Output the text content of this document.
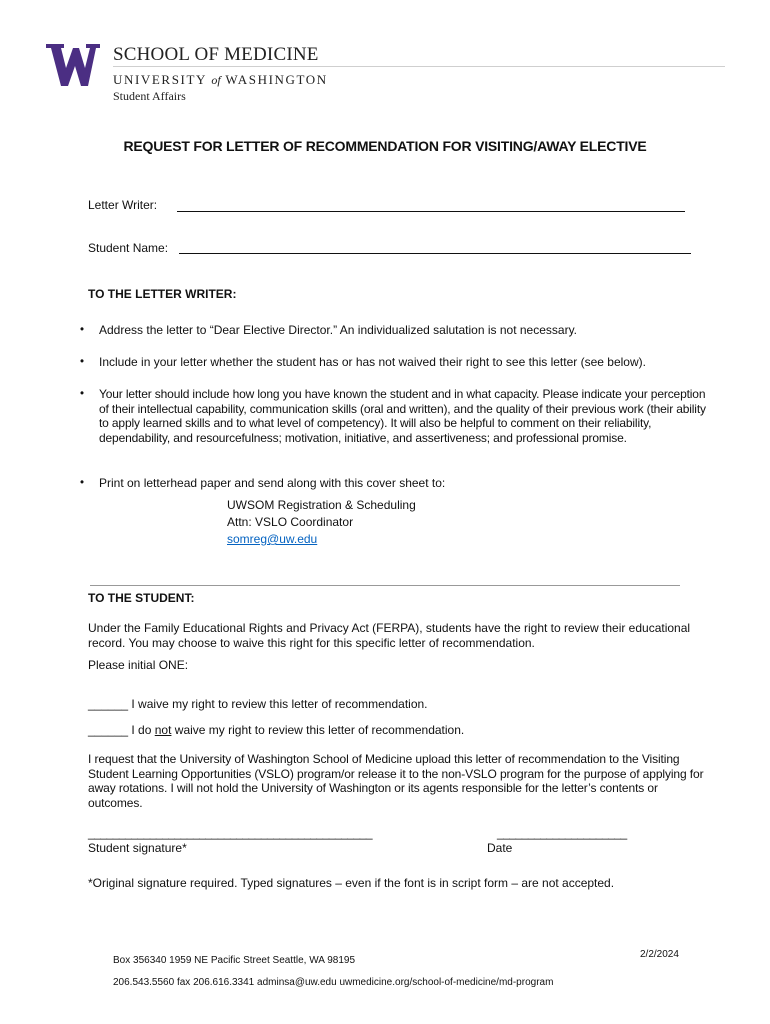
SCHOOL OF MEDICINE
UNIVERSITY of WASHINGTON
Student Affairs
REQUEST FOR LETTER OF RECOMMENDATION FOR VISITING/AWAY ELECTIVE
Letter Writer:
Student Name:
TO THE LETTER WRITER:
• Address the letter to “Dear Elective Director.” An individualized salutation is not necessary.
• Include in your letter whether the student has or has not waived their right to see this letter (see below).
• Your letter should include how long you have known the student and in what capacity. Please indicate your perception of their intellectual capability, communication skills (oral and written), and the quality of their previous work (their ability to apply learned skills and to what level of competency). It will also be helpful to comment on their reliability, dependability, and resourcefulness; motivation, initiative, and assertiveness; and professional promise.
• Print on letterhead paper and send along with this cover sheet to:
UWSOM Registration & Scheduling
Attn: VSLO Coordinator
somreg@uw.edu
TO THE STUDENT:
Under the Family Educational Rights and Privacy Act (FERPA), students have the right to review their educational record. You may choose to waive this right for this specific letter of recommendation.
Please initial ONE:
______ I waive my right to review this letter of recommendation.
______ I do not waive my right to review this letter of recommendation.
I request that the University of Washington School of Medicine upload this letter of recommendation to the Visiting Student Learning Opportunities (VSLO) program/or release it to the non-VSLO program for the purpose of applying for away rotations. I will not hold the University of Washington or its agents responsible for the letter’s contents or outcomes.
______________________________________________
Student signature*
_____________________
Date
*Original signature required. Typed signatures – even if the font is in script form – are not accepted.
Box 356340 1959 NE Pacific Street Seattle, WA 98195
206.543.5560 fax 206.616.3341 adminsa@uw.edu uwmedicine.org/school-of-medicine/md-program
2/2/2024
